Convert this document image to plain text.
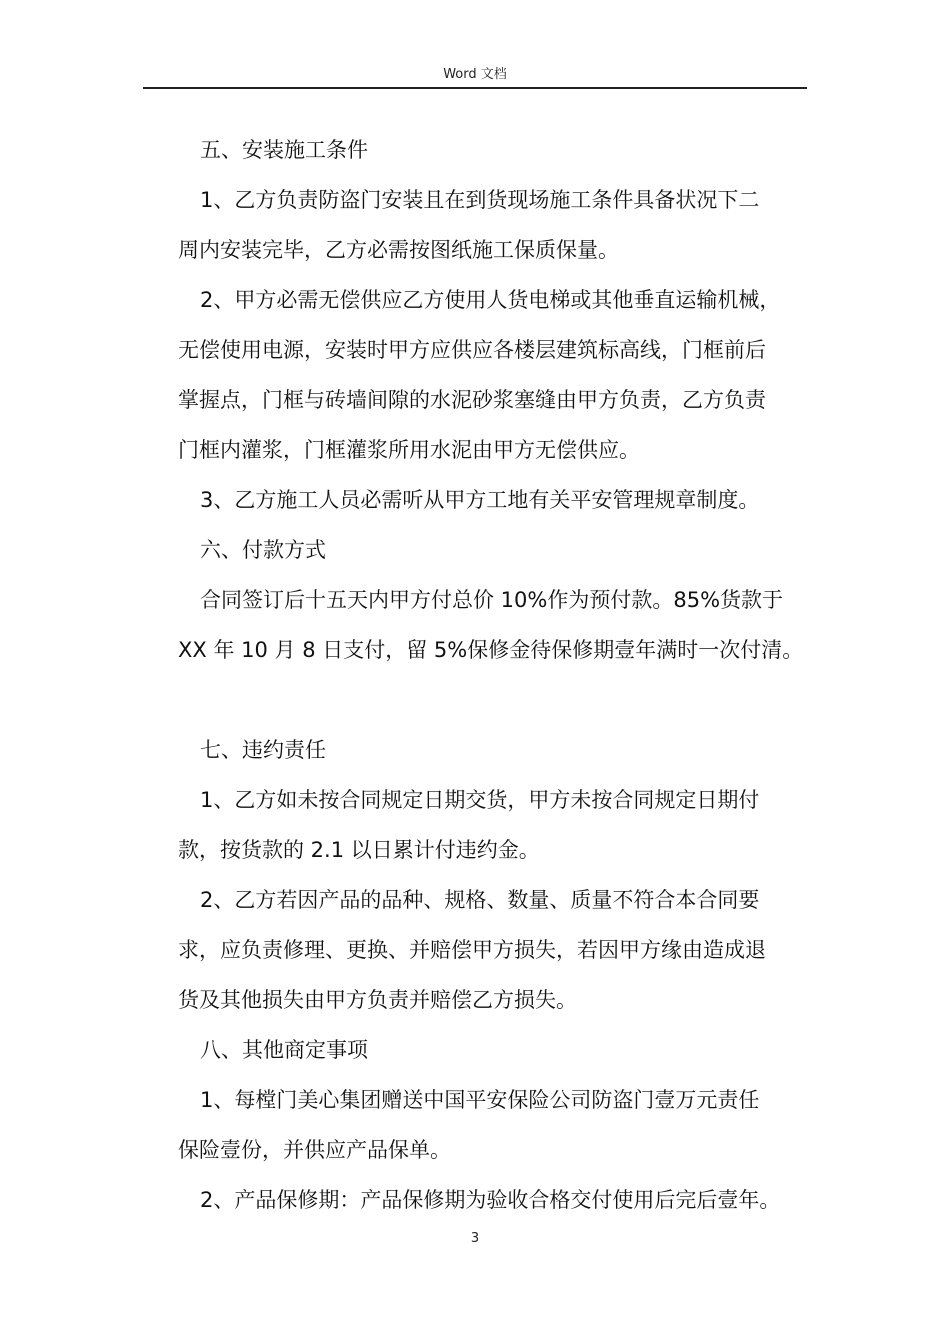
Word 文档
五、安装施工条件
1、乙方负责防盗门安装且在到货现场施工条件具备状况下二
周内安装完毕，乙方必需按图纸施工保质保量。
2、甲方必需无偿供应乙方使用人货电梯或其他垂直运输机械，
无偿使用电源，安装时甲方应供应各楼层建筑标高线，门框前后
掌握点，门框与砖墙间隙的水泥砂浆塞缝由甲方负责，乙方负责
门框内灌浆，门框灌浆所用水泥由甲方无偿供应。
3、乙方施工人员必需听从甲方工地有关平安管理规章制度。
六、付款方式
合同签订后十五天内甲方付总价 10%作为预付款。85%货款于
XX 年 10 月 8 日支付，留 5%保修金待保修期壹年满时一次付清。
七、违约责任
1、乙方如未按合同规定日期交货，甲方未按合同规定日期付
款，按货款的 2.1 以日累计付违约金。
2、乙方若因产品的品种、规格、数量、质量不符合本合同要
求，应负责修理、更换、并赔偿甲方损失，若因甲方缘由造成退
货及其他损失由甲方负责并赔偿乙方损失。
八、其他商定事项
1、每樘门美心集团赠送中国平安保险公司防盗门壹万元责任
保险壹份，并供应产品保单。
2、产品保修期：产品保修期为验收合格交付使用后完后壹年。
3
